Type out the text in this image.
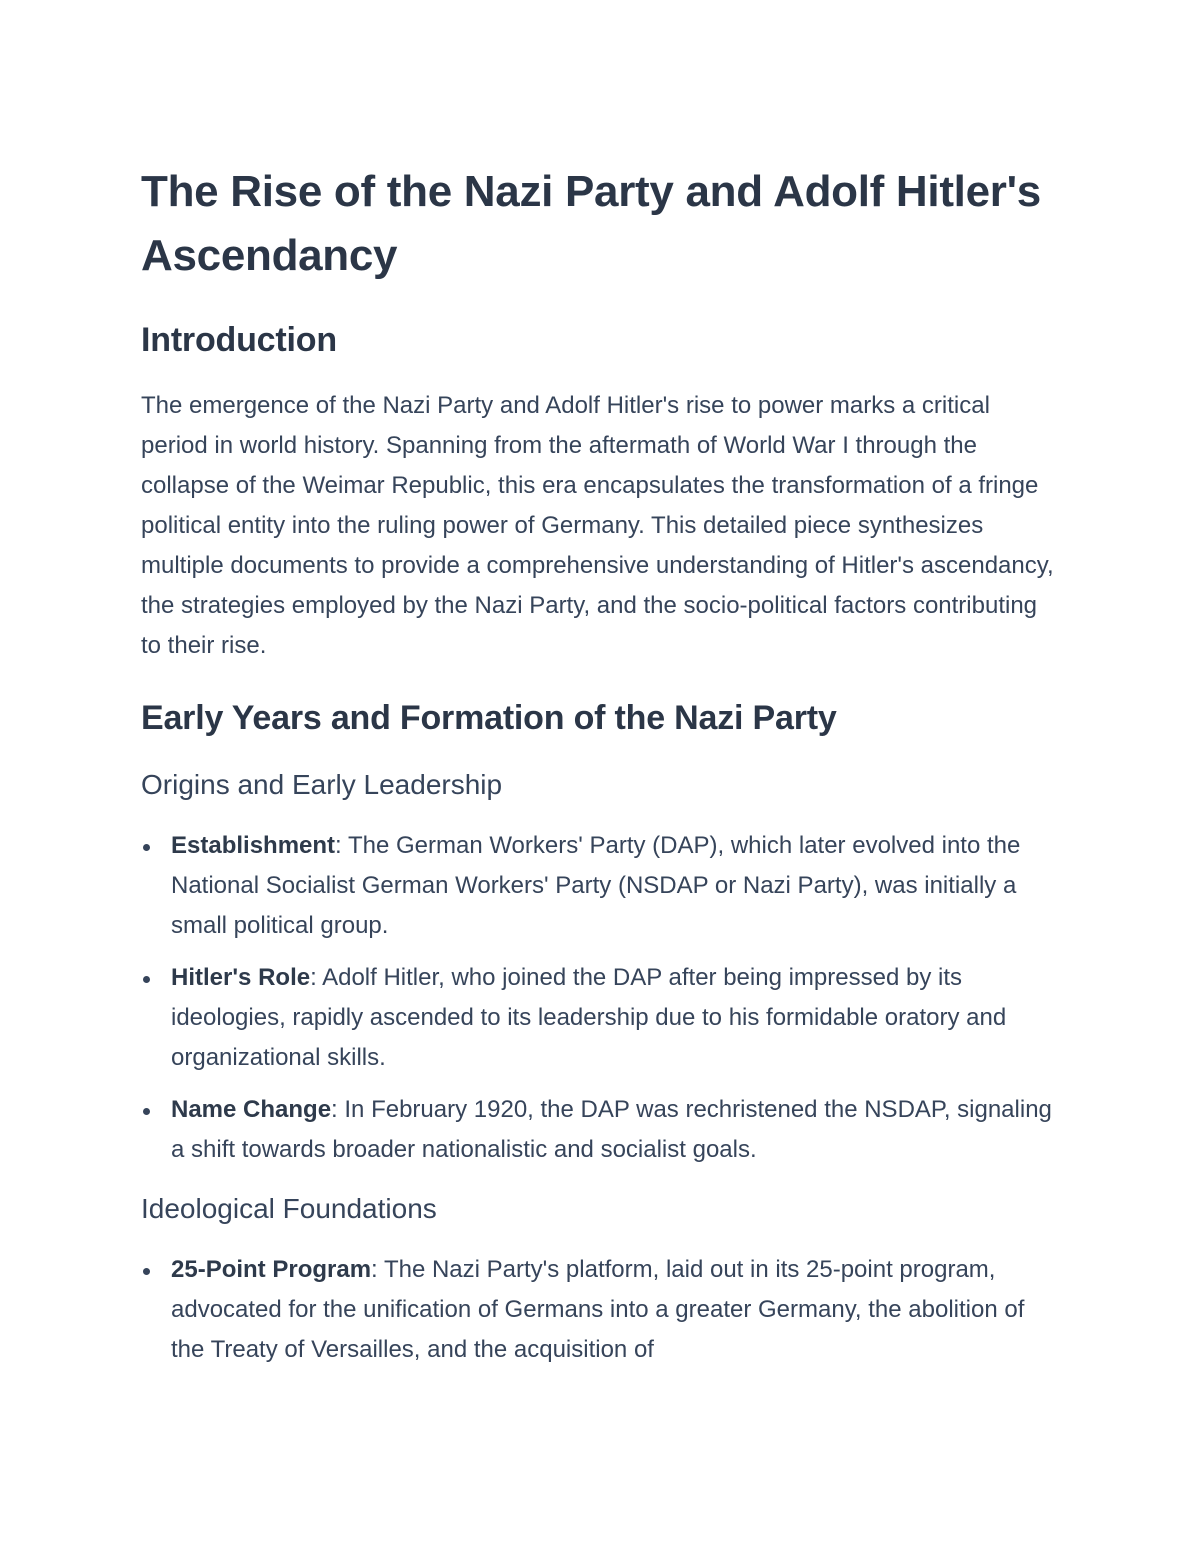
The Rise of the Nazi Party and Adolf Hitler's Ascendancy
Introduction

The emergence of the Nazi Party and Adolf Hitler's rise to power marks a critical period in world history. Spanning from the aftermath of World War I through the collapse of the Weimar Republic, this era encapsulates the transformation of a fringe political entity into the ruling power of Germany. This detailed piece synthesizes multiple documents to provide a comprehensive understanding of Hitler's ascendancy, the strategies employed by the Nazi Party, and the socio-political factors contributing to their rise.

Early Years and Formation of the Nazi Party
Origins and Early Leadership
Establishment: The German Workers' Party (DAP), which later evolved into the National Socialist German Workers' Party (NSDAP or Nazi Party), was initially a small political group.
Hitler's Role: Adolf Hitler, who joined the DAP after being impressed by its ideologies, rapidly ascended to its leadership due to his formidable oratory and organizational skills.
Name Change: In February 1920, the DAP was rechristened the NSDAP, signaling a shift towards broader nationalistic and socialist goals.
Ideological Foundations
25-Point Program: The Nazi Party's platform, laid out in its 25-point program, advocated for the unification of Germans into a greater Germany, the abolition of the Treaty of Versailles, and the acquisition of
